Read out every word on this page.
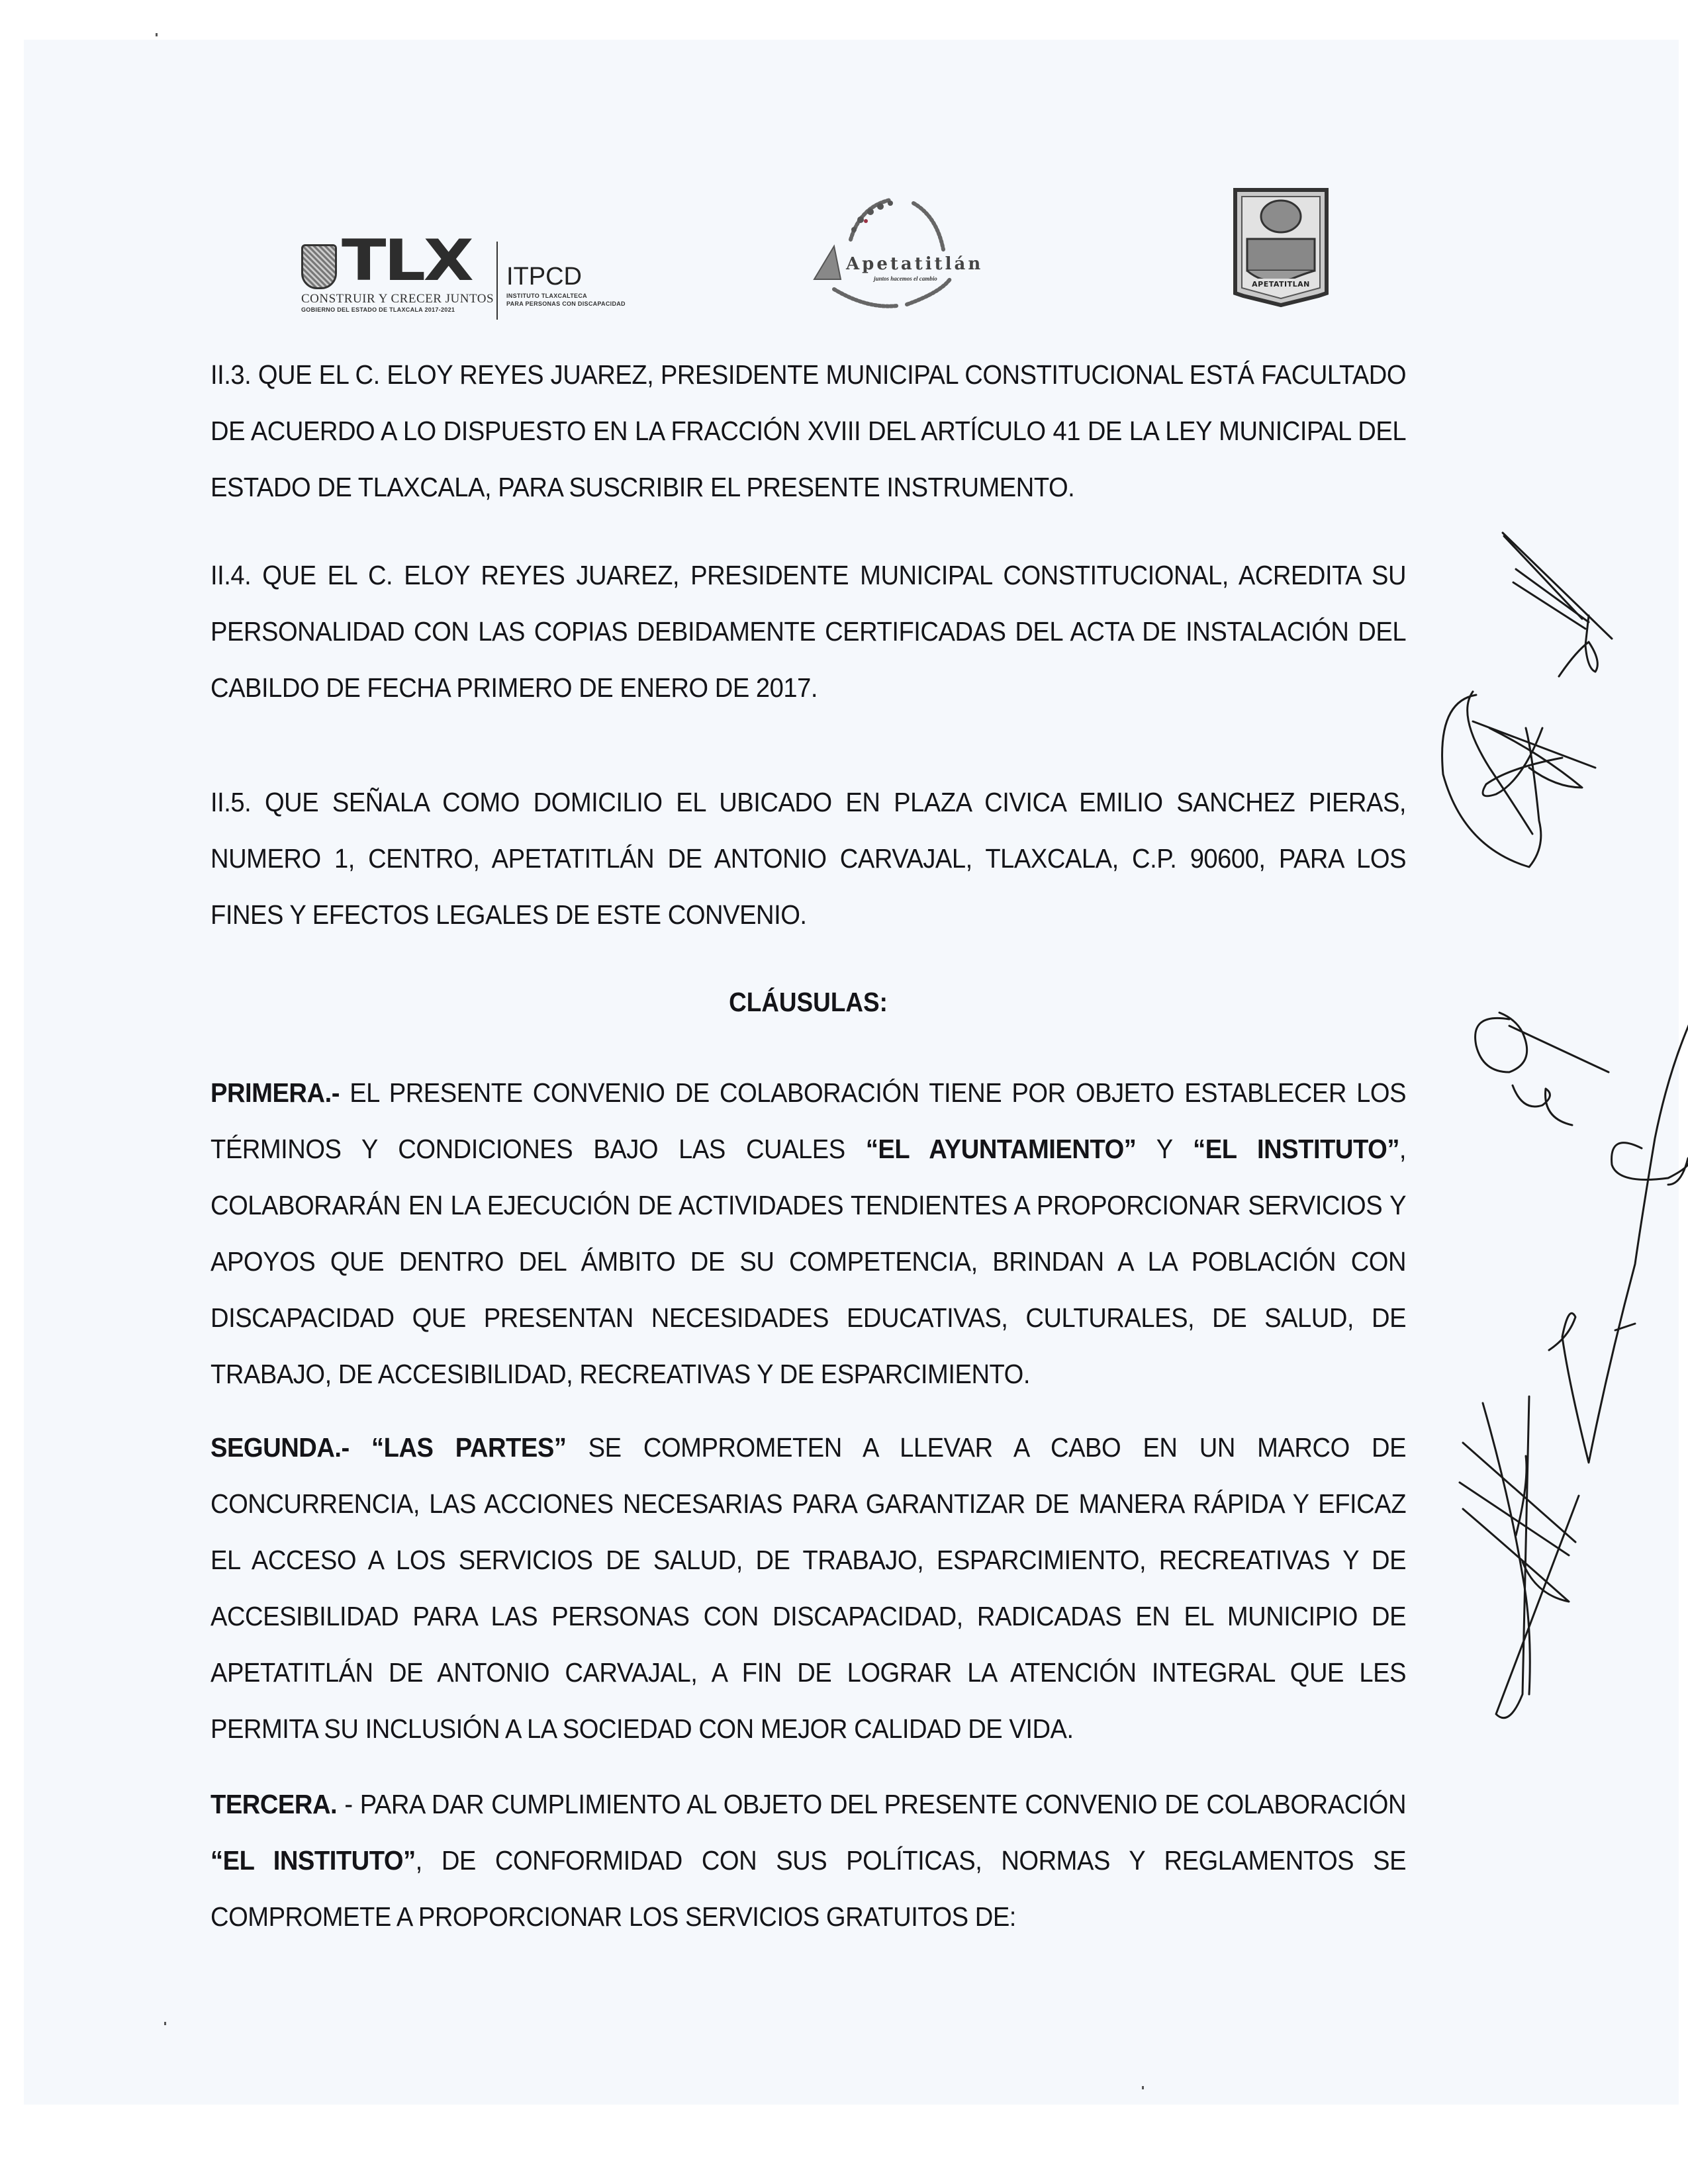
TLX
CONSTRUIR Y CRECER JUNTOS
GOBIERNO DEL ESTADO DE TLAXCALA 2017-2021
ITPCD
INSTITUTO TLAXCALTECA
PARA PERSONAS CON DISCAPACIDAD
Apetatitlán
juntos hacemos el cambio
APETATITLAN

II.3. QUE EL C. ELOY REYES JUAREZ, PRESIDENTE MUNICIPAL CONSTITUCIONAL ESTÁ FACULTADO DE ACUERDO A LO DISPUESTO EN LA FRACCIÓN XVIII DEL ARTÍCULO 41 DE LA LEY MUNICIPAL DEL ESTADO DE TLAXCALA, PARA SUSCRIBIR EL PRESENTE INSTRUMENTO.

II.4. QUE EL C. ELOY REYES JUAREZ, PRESIDENTE MUNICIPAL CONSTITUCIONAL, ACREDITA SU PERSONALIDAD CON LAS COPIAS DEBIDAMENTE CERTIFICADAS DEL ACTA DE INSTALACIÓN DEL CABILDO DE FECHA PRIMERO DE ENERO DE 2017.

II.5. QUE SEÑALA COMO DOMICILIO EL UBICADO EN PLAZA CIVICA EMILIO SANCHEZ PIERAS, NUMERO 1, CENTRO, APETATITLÁN DE ANTONIO CARVAJAL, TLAXCALA, C.P. 90600, PARA LOS FINES Y EFECTOS LEGALES DE ESTE CONVENIO.

CLÁUSULAS:

PRIMERA.- EL PRESENTE CONVENIO DE COLABORACIÓN TIENE POR OBJETO ESTABLECER LOS TÉRMINOS Y CONDICIONES BAJO LAS CUALES “EL AYUNTAMIENTO” Y “EL INSTITUTO”, COLABORARÁN EN LA EJECUCIÓN DE ACTIVIDADES TENDIENTES A PROPORCIONAR SERVICIOS Y APOYOS QUE DENTRO DEL ÁMBITO DE SU COMPETENCIA, BRINDAN A LA POBLACIÓN CON DISCAPACIDAD QUE PRESENTAN NECESIDADES EDUCATIVAS, CULTURALES, DE SALUD, DE TRABAJO, DE ACCESIBILIDAD, RECREATIVAS Y DE ESPARCIMIENTO.

SEGUNDA.- “LAS PARTES” SE COMPROMETEN A LLEVAR A CABO EN UN MARCO DE CONCURRENCIA, LAS ACCIONES NECESARIAS PARA GARANTIZAR DE MANERA RÁPIDA Y EFICAZ EL ACCESO A LOS SERVICIOS DE SALUD, DE TRABAJO, ESPARCIMIENTO, RECREATIVAS Y DE ACCESIBILIDAD PARA LAS PERSONAS CON DISCAPACIDAD, RADICADAS EN EL MUNICIPIO DE APETATITLÁN DE ANTONIO CARVAJAL, A FIN DE LOGRAR LA ATENCIÓN INTEGRAL QUE LES PERMITA SU INCLUSIÓN A LA SOCIEDAD CON MEJOR CALIDAD DE VIDA.

TERCERA. - PARA DAR CUMPLIMIENTO AL OBJETO DEL PRESENTE CONVENIO DE COLABORACIÓN “EL INSTITUTO”, DE CONFORMIDAD CON SUS POLÍTICAS, NORMAS Y REGLAMENTOS SE COMPROMETE A PROPORCIONAR LOS SERVICIOS GRATUITOS DE:
